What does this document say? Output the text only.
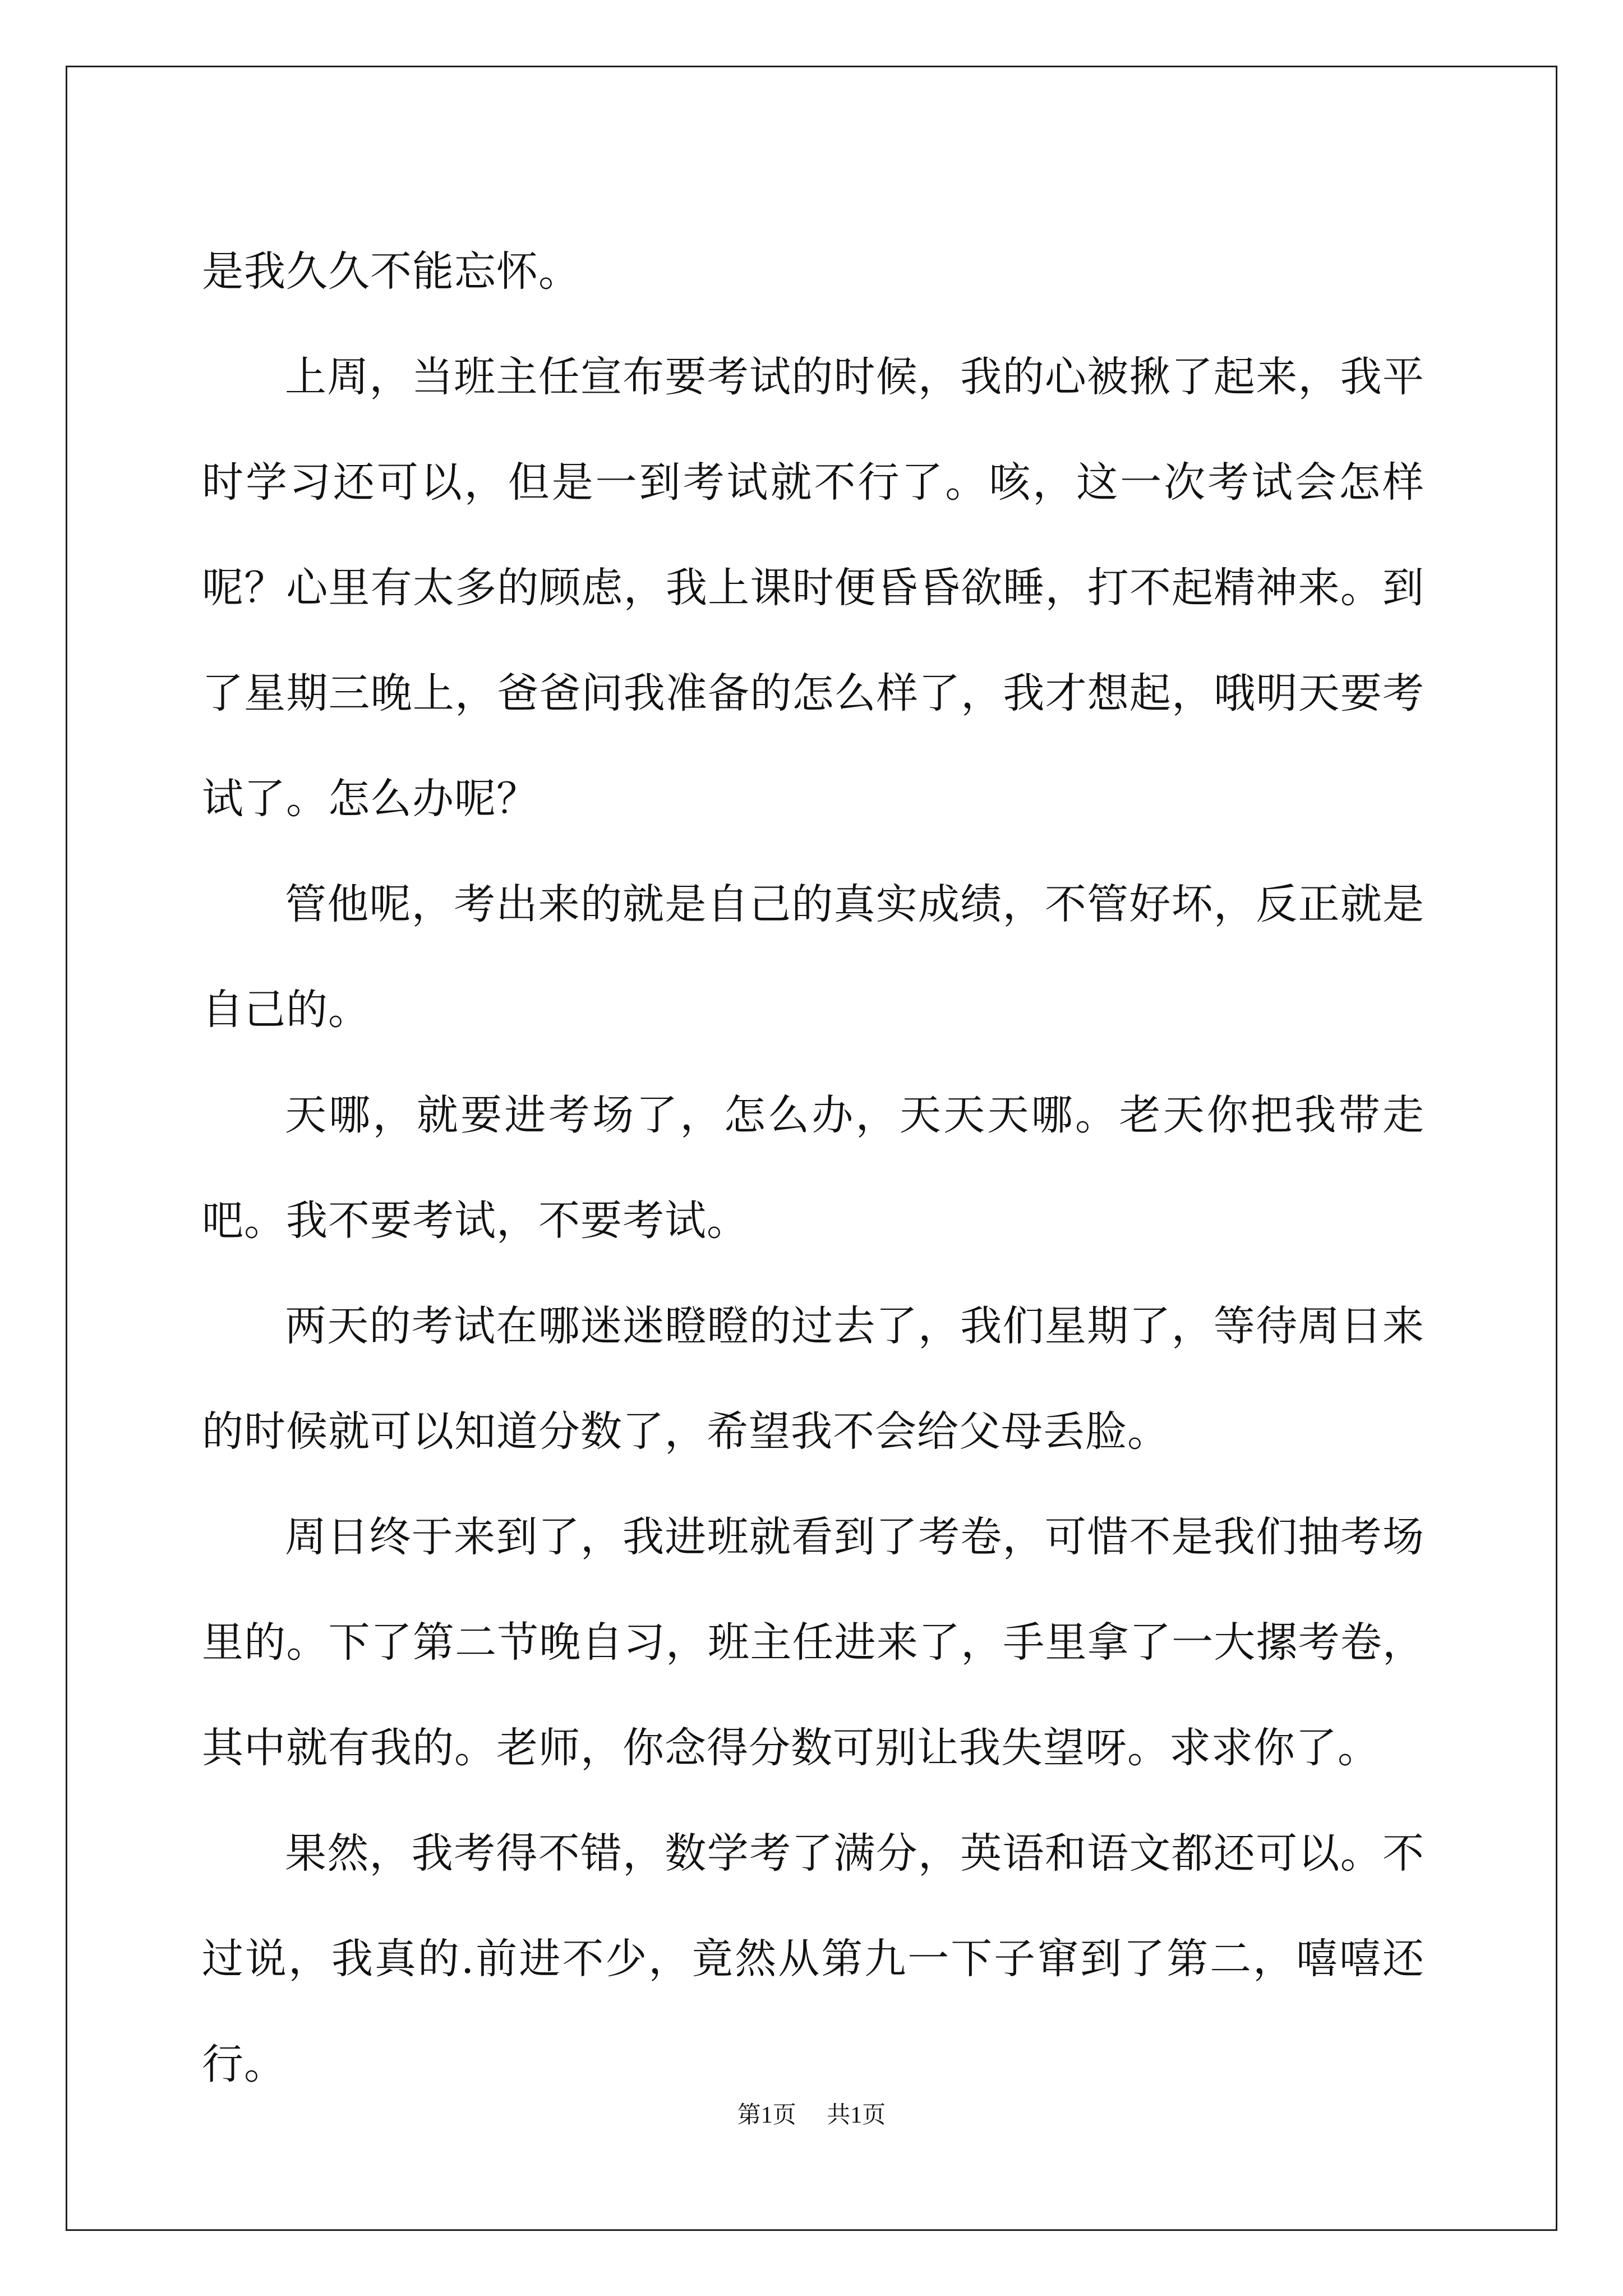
是我久久不能忘怀。

上周，当班主任宣布要考试的时候，我的心被揪了起来，我平时学习还可以，但是一到考试就不行了。咳，这一次考试会怎样呢？心里有太多的顾虑，我上课时便昏昏欲睡，打不起精神来。到了星期三晚上，爸爸问我准备的怎么样了，我才想起，哦明天要考试了。怎么办呢？

管他呢，考出来的就是自己的真实成绩，不管好坏，反正就是自己的。

天哪，就要进考场了，怎么办，天天天哪。老天你把我带走吧。我不要考试，不要考试。

两天的考试在哪迷迷瞪瞪的过去了，我们星期了，等待周日来的时候就可以知道分数了，希望我不会给父母丢脸。

周日终于来到了，我进班就看到了考卷，可惜不是我们抽考场里的。下了第二节晚自习，班主任进来了，手里拿了一大摞考卷，其中就有我的。老师，你念得分数可别让我失望呀。求求你了。

果然，我考得不错，数学考了满分，英语和语文都还可以。不过说，我真的.前进不少，竟然从第九一下子窜到了第二，嘻嘻还行。

第1页 共1页
